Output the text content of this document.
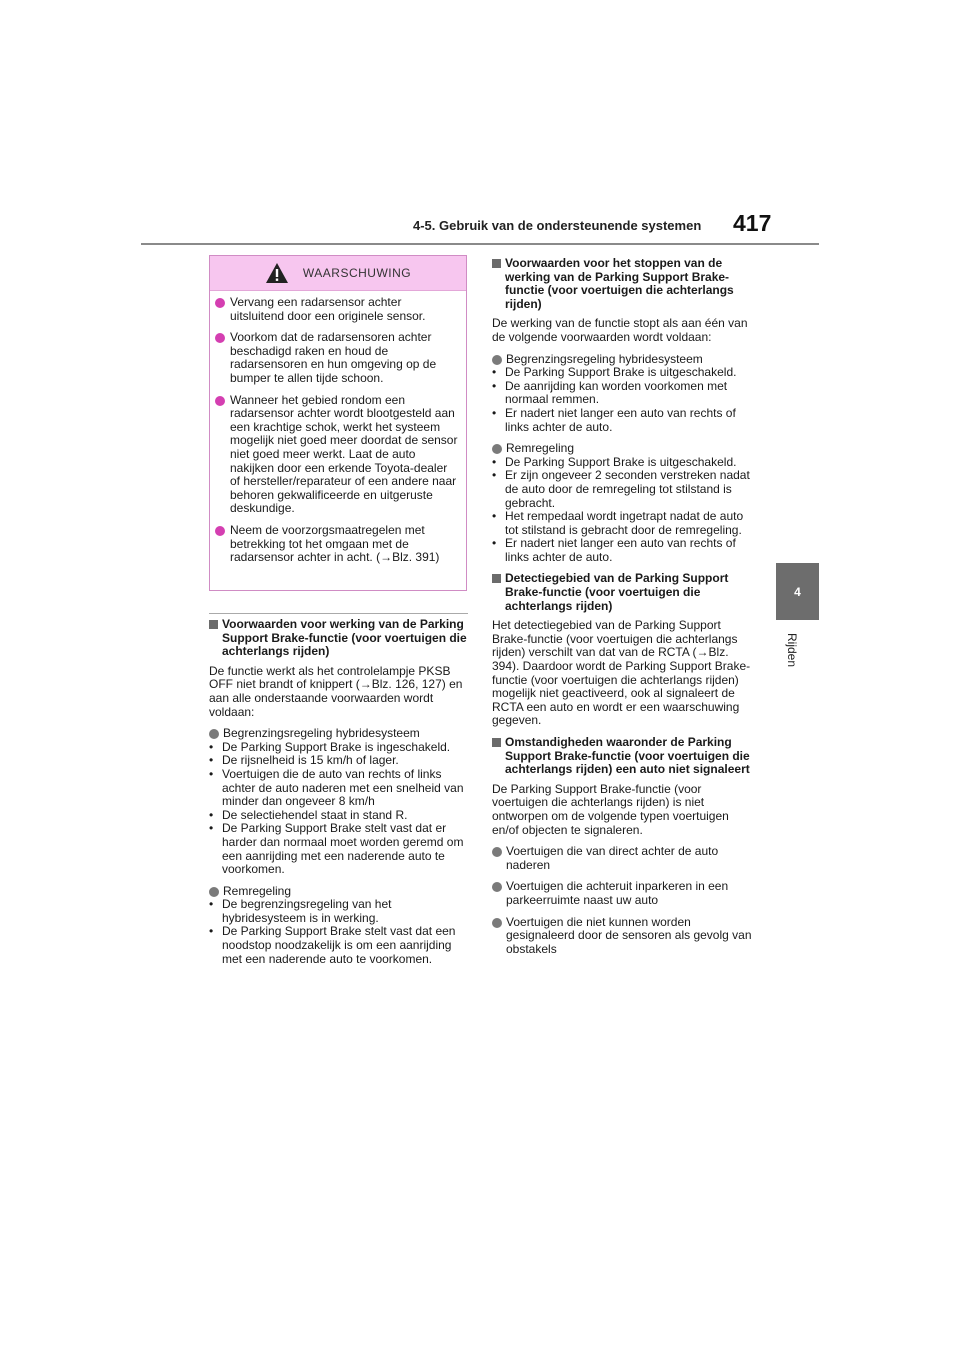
4-5. Gebruik van de ondersteunende systemen 417
4
Rijden
WAARSCHUWING
Vervang een radarsensor achter uitsluitend door een originele sensor.
Voorkom dat de radarsensoren achter beschadigd raken en houd de radarsensoren en hun omgeving op de bumper te allen tijde schoon.
Wanneer het gebied rondom een radarsensor achter wordt blootgesteld aan een krachtige schok, werkt het systeem mogelijk niet goed meer doordat de sensor niet goed meer werkt. Laat de auto nakijken door een erkende Toyota-dealer of hersteller/reparateur of een andere naar behoren gekwalificeerde en uitgeruste deskundige.
Neem de voorzorgsmaatregelen met betrekking tot het omgaan met de radarsensor achter in acht. (→Blz. 391)
Voorwaarden voor werking van de Parking Support Brake-functie (voor voertuigen die achterlangs rijden)

De functie werkt als het controlelampje PKSB OFF niet brandt of knippert (→Blz. 126, 127) en aan alle onderstaande voorwaarden wordt voldaan:

Begrenzingsregeling hybridesysteem
• De Parking Support Brake is ingeschakeld.
• De rijsnelheid is 15 km/h of lager.
• Voertuigen die de auto van rechts of links achter de auto naderen met een snelheid van minder dan ongeveer 8 km/h
• De selectiehendel staat in stand R.
• De Parking Support Brake stelt vast dat er harder dan normaal moet worden geremd om een aanrijding met een naderende auto te voorkomen.
Remregeling
• De begrenzingsregeling van het hybridesysteem is in werking.
• De Parking Support Brake stelt vast dat een noodstop noodzakelijk is om een aanrijding met een naderende auto te voorkomen.
Voorwaarden voor het stoppen van de werking van de Parking Support Brake-functie (voor voertuigen die achterlangs rijden)

De werking van de functie stopt als aan één van de volgende voorwaarden wordt voldaan:

Begrenzingsregeling hybridesysteem
• De Parking Support Brake is uitgeschakeld.
• De aanrijding kan worden voorkomen met normaal remmen.
• Er nadert niet langer een auto van rechts of links achter de auto.
Remregeling
• De Parking Support Brake is uitgeschakeld.
• Er zijn ongeveer 2 seconden verstreken nadat de auto door de remregeling tot stilstand is gebracht.
• Het rempedaal wordt ingetrapt nadat de auto tot stilstand is gebracht door de remregeling.
• Er nadert niet langer een auto van rechts of links achter de auto.
Detectiegebied van de Parking Support Brake-functie (voor voertuigen die achterlangs rijden)

Het detectiegebied van de Parking Support Brake-functie (voor voertuigen die achterlangs rijden) verschilt van dat van de RCTA (→Blz. 394). Daardoor wordt de Parking Support Brake-functie (voor voertuigen die achterlangs rijden) mogelijk niet geactiveerd, ook al signaleert de RCTA een auto en wordt er een waarschuwing gegeven.

Omstandigheden waaronder de Parking Support Brake-functie (voor voertuigen die achterlangs rijden) een auto niet signaleert

De Parking Support Brake-functie (voor voertuigen die achterlangs rijden) is niet ontworpen om de volgende typen voertuigen en/of objecten te signaleren.

Voertuigen die van direct achter de auto naderen
Voertuigen die achteruit inparkeren in een parkeerruimte naast uw auto
Voertuigen die niet kunnen worden gesignaleerd door de sensoren als gevolg van obstakels
